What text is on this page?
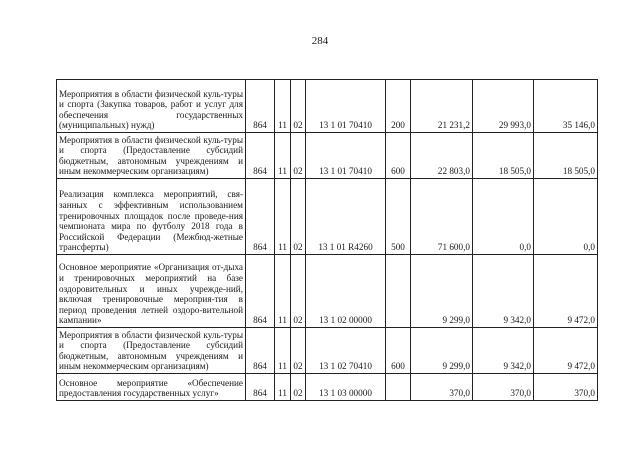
284
Мероприятия в области физической куль-туры и спорта (Закупка товаров, работ и услуг для обеспечения государственных (муниципальных) нужд)	864	11	02	13 1 01 70410	200	21 231,2	29 993,0	35 146,0
Мероприятия в области физической куль-туры и спорта (Предоставление субсидий бюджетным, автономным учреждениям и иным некоммерческим организациям)	864	11	02	13 1 01 70410	600	22 803,0	18 505,0	18 505,0
Реализация комплекса мероприятий, свя-занных с эффективным использованием тренировочных площадок после проведе-ния чемпионата мира по футболу 2018 года в Российской Федерации (Межбюд-жетные трансферты)	864	11	02	13 1 01 R4260	500	71 600,0	0,0	0,0
Основное мероприятие «Организация от-дыха и тренировочных мероприятий на базе оздоровительных и иных учрежде-ний, включая тренировочные мероприя-тия в период проведения летней оздоро-вительной кампании»	864	11	02	13 1 02 00000		9 299,0	9 342,0	9 472,0
Мероприятия в области физической куль-туры и спорта (Предоставление субсидий бюджетным, автономным учреждениям и иным некоммерческим организациям)	864	11	02	13 1 02 70410	600	9 299,0	9 342,0	9 472,0
Основное мероприятие «Обеспечение предоставления государственных услуг»	864	11	02	13 1 03 00000		370,0	370,0	370,0
